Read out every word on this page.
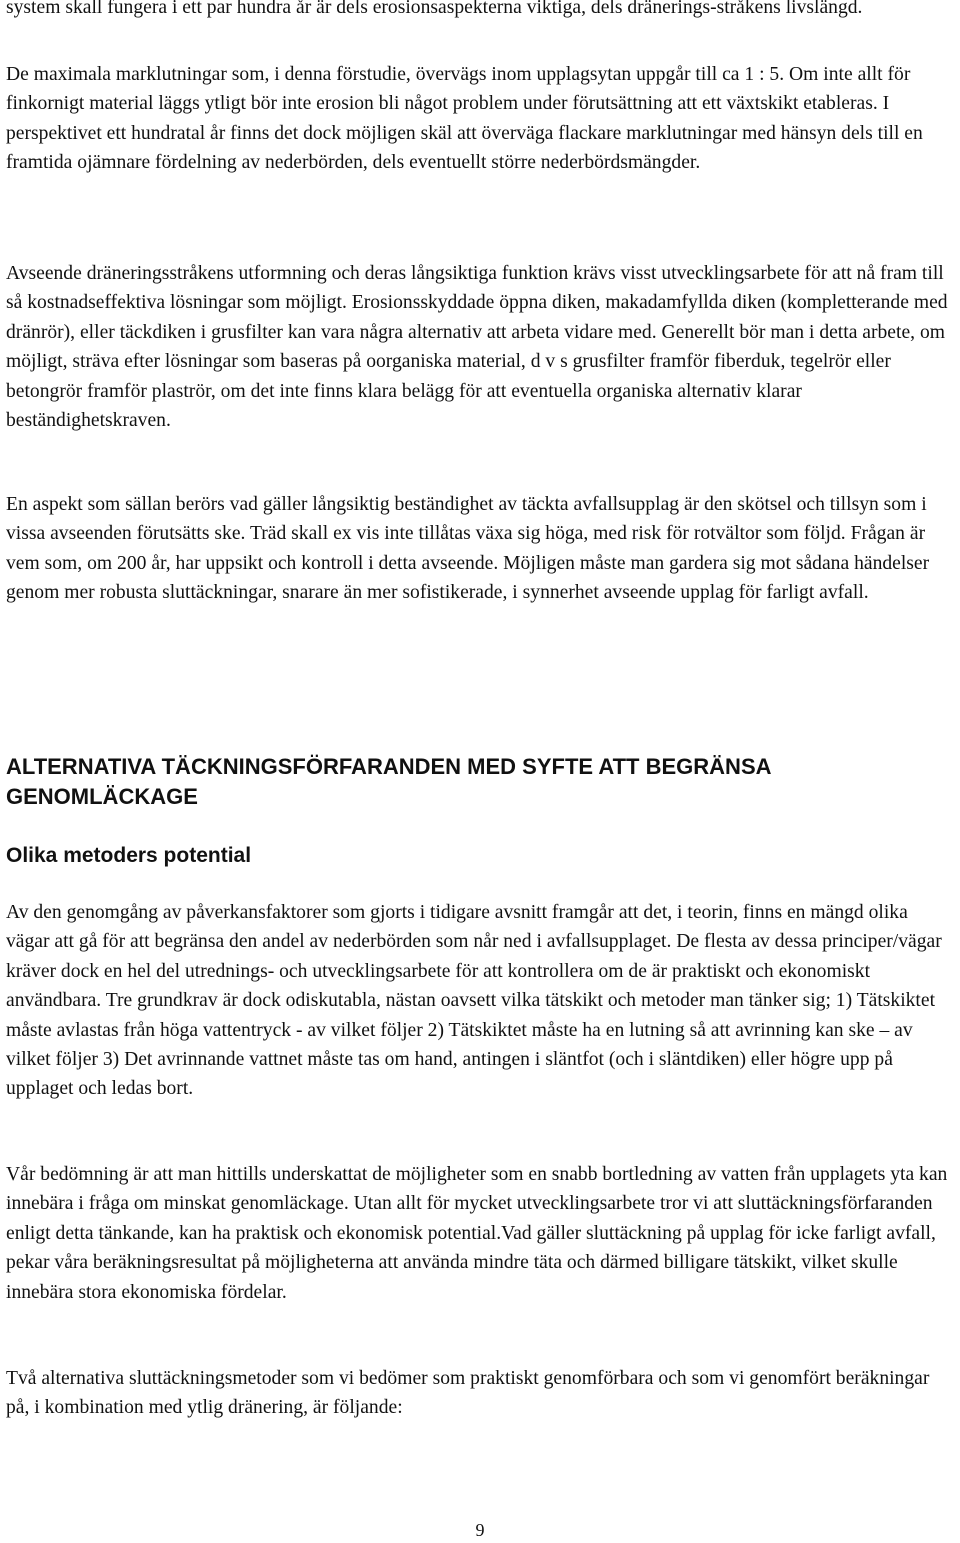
system skall fungera i ett par hundra år är dels erosionsaspekterna viktiga, dels dränerings-stråkens livslängd.

De maximala marklutningar som, i denna förstudie, övervägs inom upplagsytan uppgår till ca 1 : 5. Om inte allt för finkornigt material läggs ytligt bör inte erosion bli något problem under förutsättning att ett växtskikt etableras. I perspektivet ett hundratal år finns det dock möjligen skäl att överväga flackare marklutningar med hänsyn dels till en framtida ojämnare fördelning av nederbörden, dels eventuellt större nederbördsmängder.

Avseende dräneringsstråkens utformning och deras långsiktiga funktion krävs visst utvecklingsarbete för att nå fram till så kostnadseffektiva lösningar som möjligt. Erosionsskyddade öppna diken, makadamfyllda diken (kompletterande med dränrör), eller täckdiken i grusfilter kan vara några alternativ att arbeta vidare med. Generellt bör man i detta arbete, om möjligt, sträva efter lösningar som baseras på oorganiska material, d v s grusfilter framför fiberduk, tegelrör eller betongrör framför plaströr, om det inte finns klara belägg för att eventuella organiska alternativ klarar beständighetskraven.

En aspekt som sällan berörs vad gäller långsiktig beständighet av täckta avfallsupplag är den skötsel och tillsyn som i vissa avseenden förutsätts ske. Träd skall ex vis inte tillåtas växa sig höga, med risk för rotvältor som följd. Frågan är vem som, om 200 år, har uppsikt och kontroll i detta avseende. Möjligen måste man gardera sig mot sådana händelser genom mer robusta sluttäckningar, snarare än mer sofistikerade, i synnerhet avseende upplag för farligt avfall.

ALTERNATIVA TÄCKNINGSFÖRFARANDEN MED SYFTE ATT BEGRÄNSA GENOMLÄCKAGE
Olika metoders potential

Av den genomgång av påverkansfaktorer som gjorts i tidigare avsnitt framgår att det, i teorin, finns en mängd olika vägar att gå för att begränsa den andel av nederbörden som når ned i avfallsupplaget. De flesta av dessa principer/vägar kräver dock en hel del utrednings- och utvecklingsarbete för att kontrollera om de är praktiskt och ekonomiskt användbara. Tre grundkrav är dock odiskutabla, nästan oavsett vilka tätskikt och metoder man tänker sig; 1) Tätskiktet måste avlastas från höga vattentryck - av vilket följer 2) Tätskiktet måste ha en lutning så att avrinning kan ske – av vilket följer 3) Det avrinnande vattnet måste tas om hand, antingen i släntfot (och i släntdiken) eller högre upp på upplaget och ledas bort.

Vår bedömning är att man hittills underskattat de möjligheter som en snabb bortledning av vatten från upplagets yta kan innebära i fråga om minskat genomläckage. Utan allt för mycket utvecklingsarbete tror vi att sluttäckningsförfaranden enligt detta tänkande, kan ha praktisk och ekonomisk potential.Vad gäller sluttäckning på upplag för icke farligt avfall, pekar våra beräkningsresultat på möjligheterna att använda mindre täta och därmed billigare tätskikt, vilket skulle innebära stora ekonomiska fördelar.

Två alternativa sluttäckningsmetoder som vi bedömer som praktiskt genomförbara och som vi genomfört beräkningar på, i kombination med ytlig dränering, är följande:

9
